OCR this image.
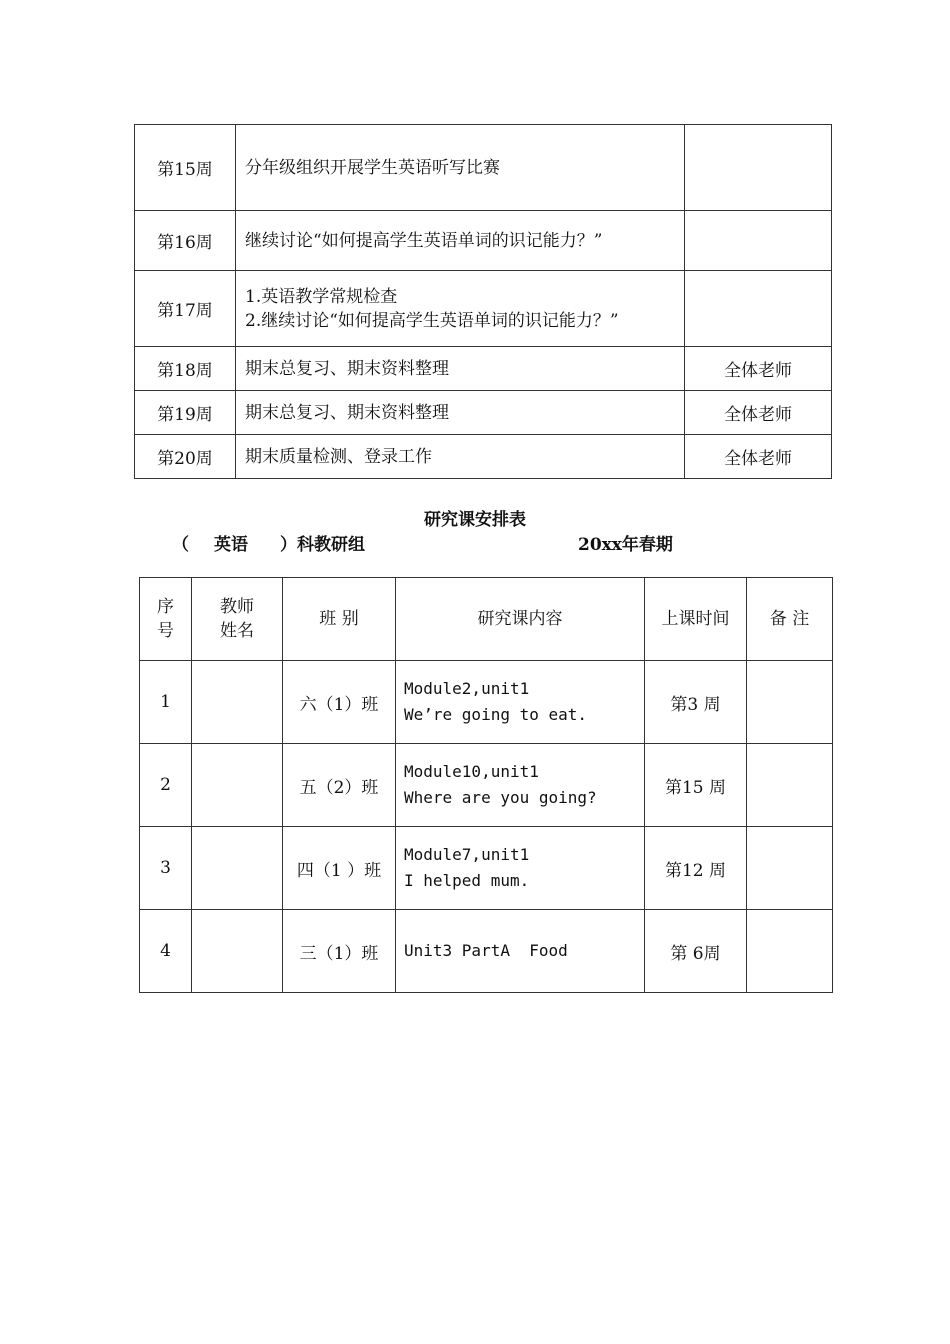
第15周	分年级组织开展学生英语听写比赛	

第16周	继续讨论“如何提高学生英语单词的识记能力？”	

第17周	1.英语教学常规检查
2.继续讨论“如何提高学生英语单词的识记能力？”	

第18周	期末总复习、期末资料整理	全体老师
第19周	期末总复习、期末资料整理	全体老师
第20周	期末质量检测、登录工作	全体老师
研究课安排表
（ 英语 ）科教研组	20xx年春期
序号	教师姓名	班 别	研究课内容	上课时间	备 注
1		六（1）班	Module2,unit1
We’re going to eat.	第3 周	
2		五（2）班	Module10,unit1
Where are you going?	第15 周	
3		四（1 ）班	Module7,unit1
I helped mum.	第12 周	
4		三（1）班	Unit3 PartA  Food	第 6周	
